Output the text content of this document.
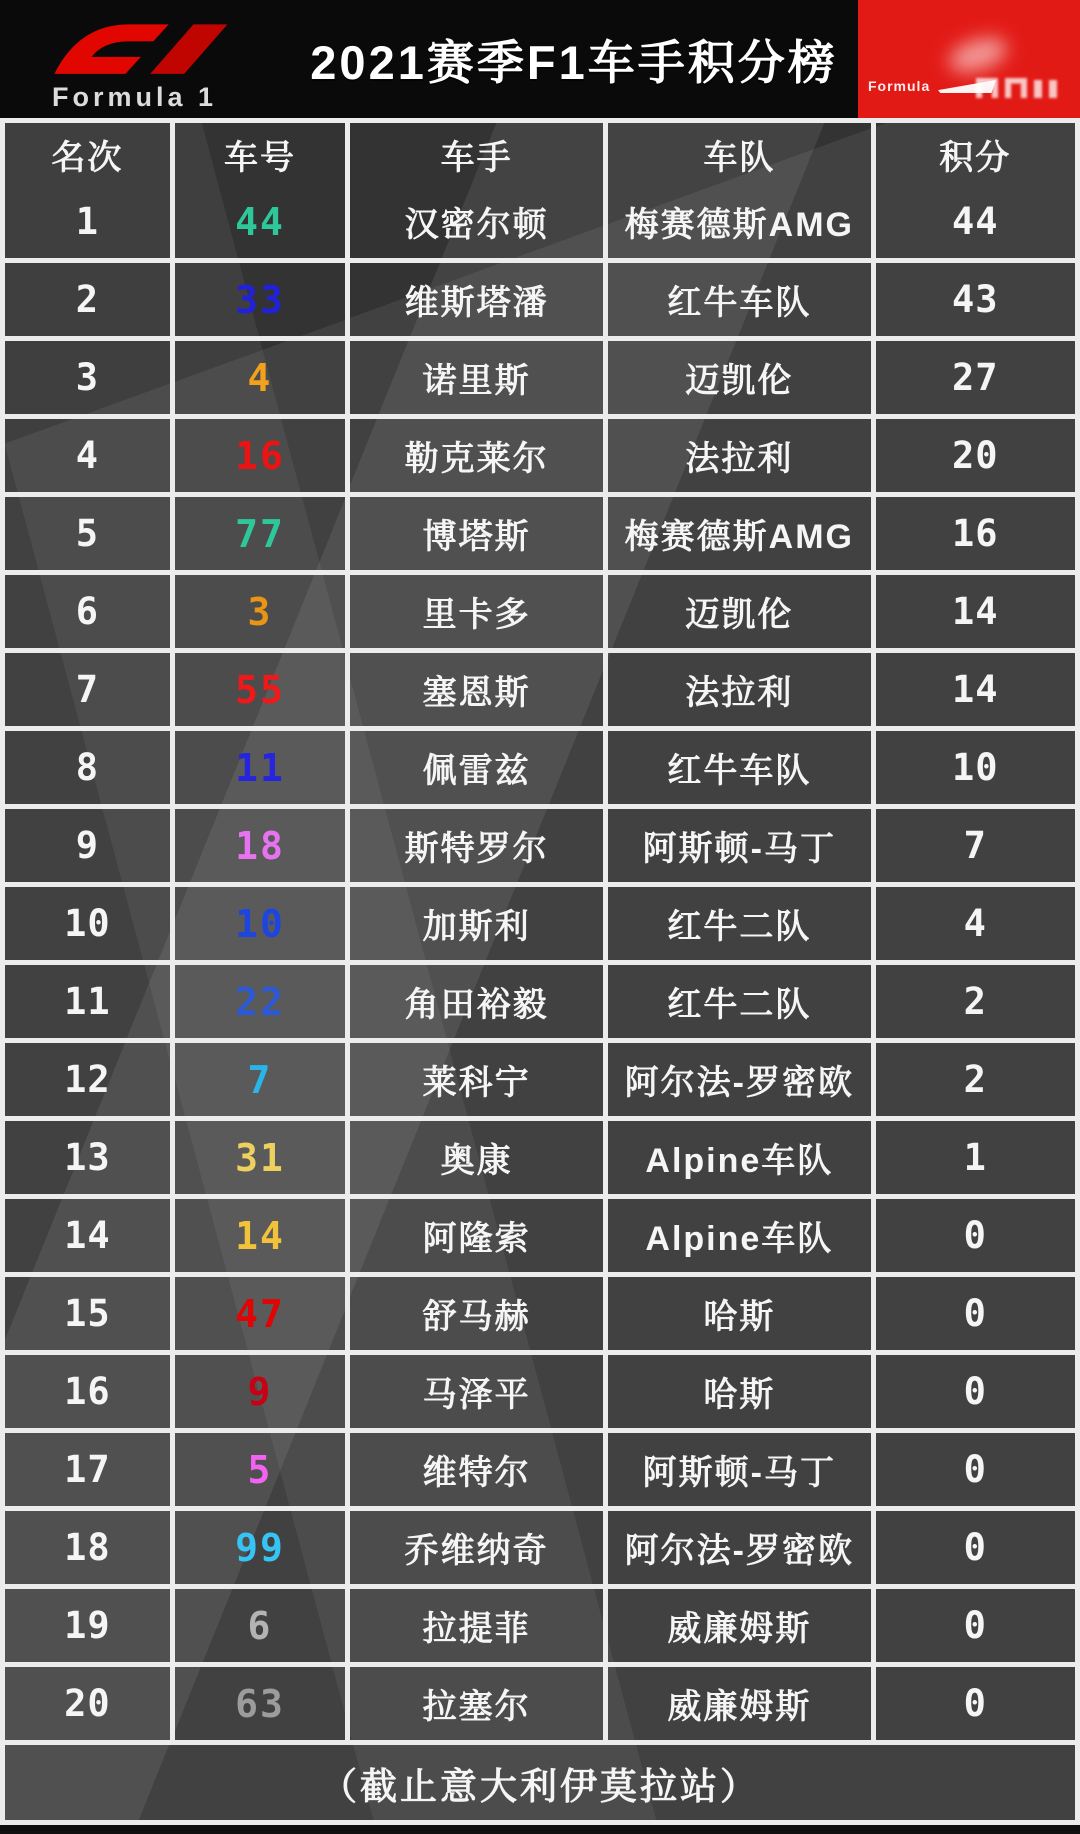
Formula 1
2021赛季F1车手积分榜 Formula
名次	车号	车手	车队	积分
1	44	汉密尔顿	梅赛德斯AMG	44
2	33	维斯塔潘	红牛车队	43
3	4	诺里斯	迈凯伦	27
4	16	勒克莱尔	法拉利	20
5	77	博塔斯	梅赛德斯AMG	16
6	3	里卡多	迈凯伦	14
7	55	塞恩斯	法拉利	14
8	11	佩雷兹	红牛车队	10
9	18	斯特罗尔	阿斯顿-马丁	7
10	10	加斯利	红牛二队	4
11	22	角田裕毅	红牛二队	2
12	7	莱科宁	阿尔法-罗密欧	2
13	31	奥康	Alpine车队	1
14	14	阿隆索	Alpine车队	0
15	47	舒马赫	哈斯	0
16	9	马泽平	哈斯	0
17	5	维特尔	阿斯顿-马丁	0
18	99	乔维纳奇	阿尔法-罗密欧	0
19	6	拉提菲	威廉姆斯	0
20	63	拉塞尔	威廉姆斯	0
（截止意大利伊莫拉站）
